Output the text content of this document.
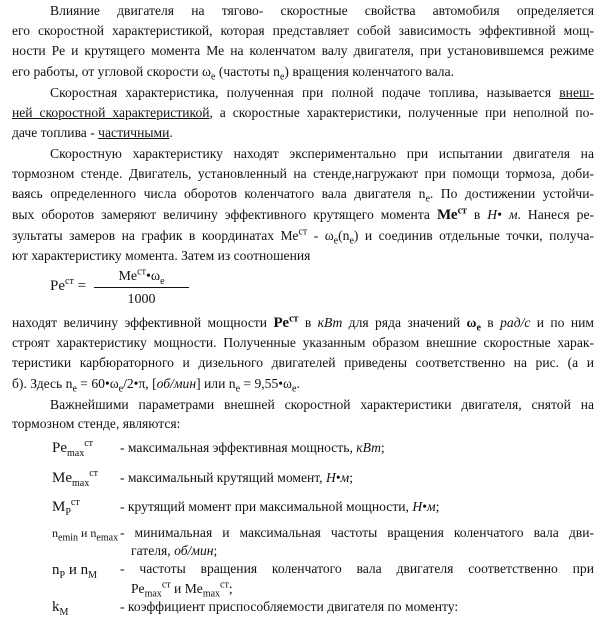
Влияние двигателя на тягово- скоростные свойства автомобиля определяется
его скоростной характеристикой, которая представляет собой зависимость эффективной мощ-
ности Ре и крутящего момента Ме на коленчатом валу двигателя, при установившемся режиме
его работы, от угловой скорости $\omega_e$ (частоты $n_e$) вращения коленчатого вала.
Скоростная характеристика, полученная при полной подаче топлива, называется внеш-
ней скоростной характеристикой, а скоростные характеристики, полученные при неполной по-
даче топлива - частичными.
Скоростную характеристику находят экспериментально при испытании двигателя на
тормозном стенде. Двигатель, установленный на стенде,нагружают при помощи тормоза, доби-
ваясь определенного числа оборотов коленчатого вала двигателя $n_e$. По достижении устойчи-
вых оборотов замеряют величину эффективного крутящего момента $Ме^{ст}$ в Н• м. Нанеся ре-
зультаты замеров на график в координатах $Ме^{ст} - \omega_e(n_e)$ и соединив отдельные точки, получа-
ют характеристику момента. Затем из соотношения
$Pe^{ст}$ =
$Me^{ст}•\omega_e$
1000
находят величину эффективной мощности $Ре^{ст}$ в кВт для ряда значений $\omega_e$ в рад/с и по ним
строят характеристику мощности. Полученные указанным образом внешние скоростные харак-
теристики карбюраторного и дизельного двигателей приведены соответственно на рис. (а и
б). Здесь $n_e$ = $60•\omega_e/2•\pi$, [об/мин] или $n_e$ = $9,55•\omega_e$.
Важнейшими параметрами внешней скоростной характеристики двигателя, снятой на
тормозном стенде, являются:
$Pe_{max}^{ст}$ - максимальная эффективная мощность, кВт;
$Me_{max}^{ст}$ - максимальный крутящий момент, Н•м;
$M_P^{ст}$	- крутящий момент при максимальной мощности, Н•м;
$n_{emin}$ и $n_{emax}$ - минимальная и максимальная частоты вращения коленчатого вала дви-
гателя, об/мин;
$n_P$ и $n_M$ - частоты вращения коленчатого вала двигателя соответственно при
$Pe_{max}^{ст}$ и $Me_{max}^{ст}$;
$k_M$	- коэффициент приспособляемости двигателя по моменту:
